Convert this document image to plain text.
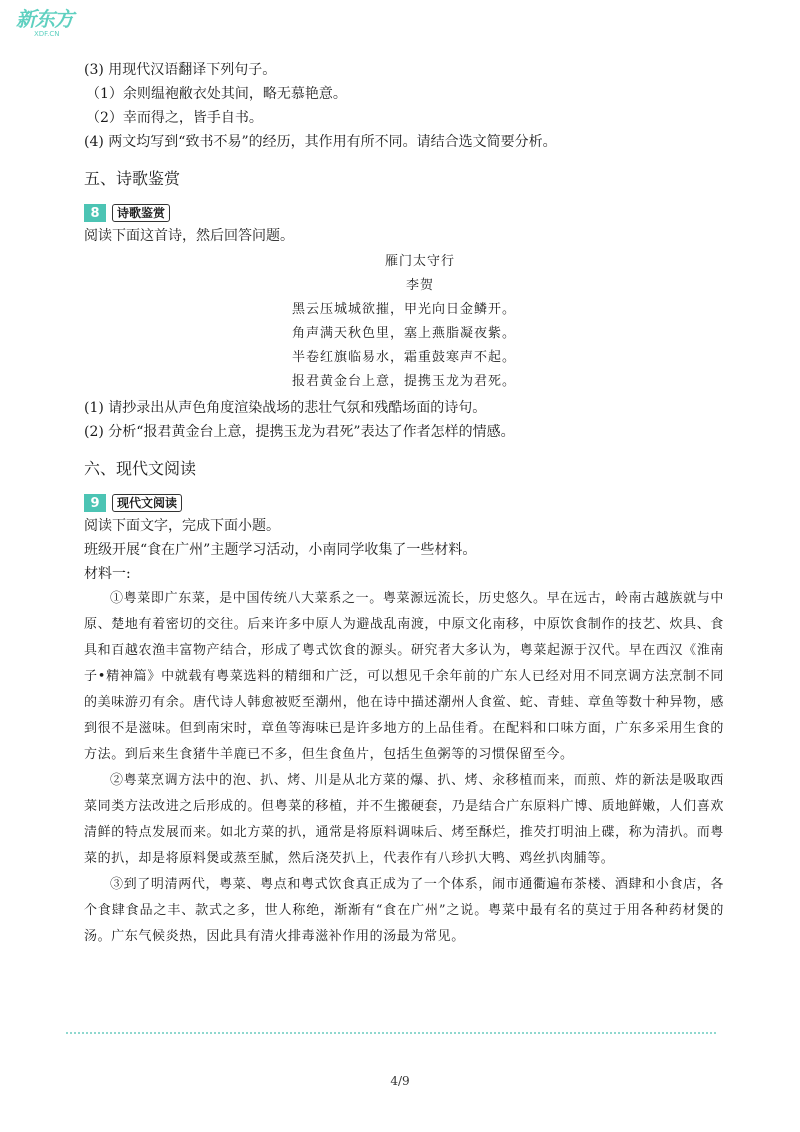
新东方
XDF.CN
(3) 用现代汉语翻译下列句子。
（1）余则缊袍敝衣处其间，略无慕艳意。
（2）幸而得之，皆手自书。
(4) 两文均写到“致书不易”的经历，其作用有所不同。请结合选文简要分析。
五、诗歌鉴赏
8	诗歌鉴赏
阅读下面这首诗，然后回答问题。
雁门太守行
李贺
黑云压城城欲摧，甲光向日金鳞开。
角声满天秋色里，塞上燕脂凝夜紫。
半卷红旗临易水，霜重鼓寒声不起。
报君黄金台上意，提携玉龙为君死。
(1) 请抄录出从声色角度渲染战场的悲壮气氛和残酷场面的诗句。
(2) 分析“报君黄金台上意，提携玉龙为君死”表达了作者怎样的情感。
六、现代文阅读
9	现代文阅读
阅读下面文字，完成下面小题。
班级开展“食在广州”主题学习活动，小南同学收集了一些材料。
材料一:
①粤菜即广东菜，是中国传统八大菜系之一。粤菜源远流长，历史悠久。早在远古，岭南古越族就与中原、楚地有着密切的交往。后来许多中原人为避战乱南渡，中原文化南移，中原饮食制作的技艺、炊具、食具和百越农渔丰富物产结合，形成了粤式饮食的源头。研究者大多认为，粤菜起源于汉代。早在西汉《淮南子•精神篇》中就载有粤菜选料的精细和广泛，可以想见千余年前的广东人已经对用不同烹调方法烹制不同的美味游刃有余。唐代诗人韩愈被贬至潮州，他在诗中描述潮州人食鲎、蛇、青蛙、章鱼等数十种异物，感到很不是滋味。但到南宋时，章鱼等海味已是许多地方的上品佳肴。在配料和口味方面，广东多采用生食的方法。到后来生食猪牛羊鹿已不多，但生食鱼片，包括生鱼粥等的习惯保留至今。
②粤菜烹调方法中的泡、扒、烤、川是从北方菜的爆、扒、烤、汆移植而来，而煎、炸的新法是吸取西菜同类方法改进之后形成的。但粤菜的移植，并不生搬硬套，乃是结合广东原料广博、质地鲜嫩，人们喜欢清鲜的特点发展而来。如北方菜的扒，通常是将原料调味后、烤至酥烂，推芡打明油上碟，称为清扒。而粤菜的扒，却是将原料煲或蒸至腻，然后浇芡扒上，代表作有八珍扒大鸭、鸡丝扒肉脯等。
③到了明清两代，粤菜、粤点和粤式饮食真正成为了一个体系，闹市通衢遍布茶楼、酒肆和小食店，各个食肆食品之丰、款式之多，世人称绝，渐渐有“食在广州”之说。粤菜中最有名的莫过于用各种药材煲的汤。广东气候炎热，因此具有清火排毒滋补作用的汤最为常见。
4/9
